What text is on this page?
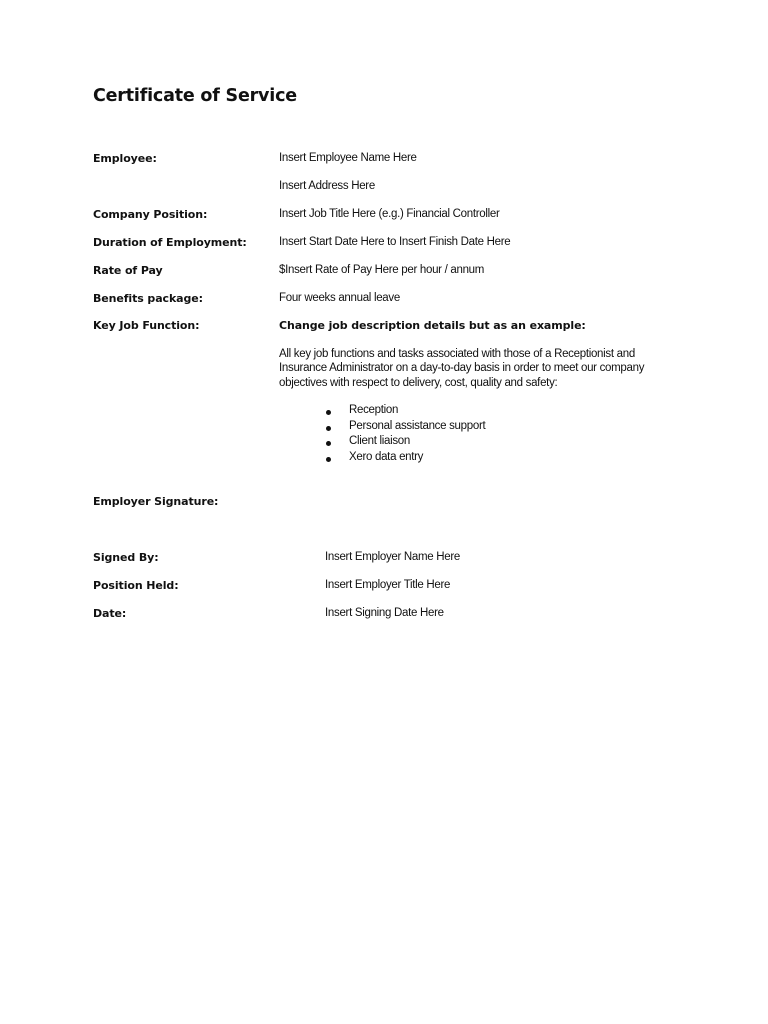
Certificate of Service
Employee:	Insert Employee Name Here
Insert Address Here
Company Position:	Insert Job Title Here (e.g.) Financial Controller
Duration of Employment:	Insert Start Date Here to Insert Finish Date Here
Rate of Pay	$Insert Rate of Pay Here per hour / annum
Benefits package:	Four weeks annual leave
Key Job Function:	Change job description details but as an example:

All key job functions and tasks associated with those of a Receptionist and Insurance Administrator on a day-to-day basis in order to meet our company objectives with respect to delivery, cost, quality and safety:

Reception
Personal assistance support
Client liaison
Xero data entry
Employer Signature:
Signed By:	Insert Employer Name Here
Position Held:	Insert Employer Title Here
Date:	Insert Signing Date Here
